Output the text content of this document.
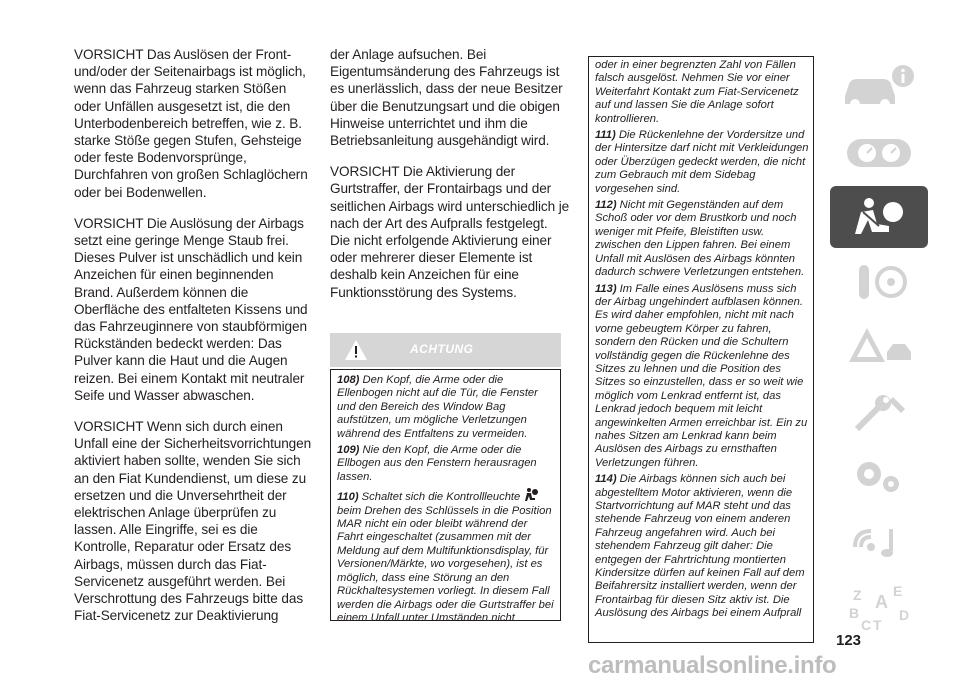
VORSICHT Das Auslösen der Front- und/oder der Seitenairbags ist möglich, wenn das Fahrzeug starken Stößen oder Unfällen ausgesetzt ist, die den Unterbodenbereich betreffen, wie z. B. starke Stöße gegen Stufen, Gehsteige oder feste Bodenvorsprünge, Durchfahren von großen Schlaglöchern oder bei Bodenwellen.

VORSICHT Die Auslösung der Airbags setzt eine geringe Menge Staub frei. Dieses Pulver ist unschädlich und kein Anzeichen für einen beginnenden Brand. Außerdem können die Oberfläche des entfalteten Kissens und das Fahrzeuginnere von staubförmigen Rückständen bedeckt werden: Das Pulver kann die Haut und die Augen reizen. Bei einem Kontakt mit neutraler Seife und Wasser abwaschen.

VORSICHT Wenn sich durch einen Unfall eine der Sicherheitsvorrichtungen aktiviert haben sollte, wenden Sie sich an den Fiat Kundendienst, um diese zu ersetzen und die Unversehrtheit der elektrischen Anlage überprüfen zu lassen. Alle Eingriffe, sei es die Kontrolle, Reparatur oder Ersatz des Airbags, müssen durch das Fiat-Servicenetz ausgeführt werden. Bei Verschrottung des Fahrzeugs bitte das Fiat-Servicenetz zur Deaktivierung

der Anlage aufsuchen. Bei Eigentumsänderung des Fahrzeugs ist es unerlässlich, dass der neue Besitzer über die Benutzungsart und die obigen Hinweise unterrichtet und ihm die Betriebsanleitung ausgehändigt wird.

VORSICHT Die Aktivierung der Gurtstraffer, der Frontairbags und der seitlichen Airbags wird unterschiedlich je nach der Art des Aufpralls festgelegt. Die nicht erfolgende Aktivierung einer oder mehrerer dieser Elemente ist deshalb kein Anzeichen für eine Funktionsstörung des Systems.

ACHTUNG

108) Den Kopf, die Arme oder die Ellenbogen nicht auf die Tür, die Fenster und den Bereich des Window Bag aufstützen, um mögliche Verletzungen während des Entfaltens zu vermeiden.

109) Nie den Kopf, die Arme oder die Ellbogen aus den Fenstern herausragen lassen.

110) Schaltet sich die Kontrollleuchte  beim Drehen des Schlüssels in die Position MAR nicht ein oder bleibt während der Fahrt eingeschaltet (zusammen mit der Meldung auf dem Multifunktionsdisplay, für Versionen/Märkte, wo vorgesehen), ist es möglich, dass eine Störung an den Rückhaltesystemen vorliegt. In diesem Fall werden die Airbags oder die Gurtstraffer bei einem Unfall unter Umständen nicht

oder in einer begrenzten Zahl von Fällen falsch ausgelöst. Nehmen Sie vor einer Weiterfahrt Kontakt zum Fiat-Servicenetz auf und lassen Sie die Anlage sofort kontrollieren.

111) Die Rückenlehne der Vordersitze und der Hintersitze darf nicht mit Verkleidungen oder Überzügen gedeckt werden, die nicht zum Gebrauch mit dem Sidebag vorgesehen sind.

112) Nicht mit Gegenständen auf dem Schoß oder vor dem Brustkorb und noch weniger mit Pfeife, Bleistiften usw. zwischen den Lippen fahren. Bei einem Unfall mit Auslösen des Airbags könnten dadurch schwere Verletzungen entstehen.

113) Im Falle eines Auslösens muss sich der Airbag ungehindert aufblasen können. Es wird daher empfohlen, nicht mit nach vorne gebeugtem Körper zu fahren, sondern den Rücken und die Schultern vollständig gegen die Rückenlehne des Sitzes zu lehnen und die Position des Sitzes so einzustellen, dass er so weit wie möglich vom Lenkrad entfernt ist, das Lenkrad jedoch bequem mit leicht angewinkelten Armen erreichbar ist. Ein zu nahes Sitzen am Lenkrad kann beim Auslösen des Airbags zu ernsthaften Verletzungen führen.

114) Die Airbags können sich auch bei abgestelltem Motor aktivieren, wenn die Startvorrichtung auf MAR steht und das stehende Fahrzeug von einem anderen Fahrzeug angefahren wird. Auch bei stehendem Fahrzeug gilt daher: Die entgegen der Fahrtrichtung montierten Kindersitze dürfen auf keinen Fall auf dem Beifahrersitz installiert werden, wenn der Frontairbag für diesen Sitz aktiv ist. Die Auslösung des Airbags bei einem Aufprall

Z E
A
B
C T
D
123
carmanualsonline.info
